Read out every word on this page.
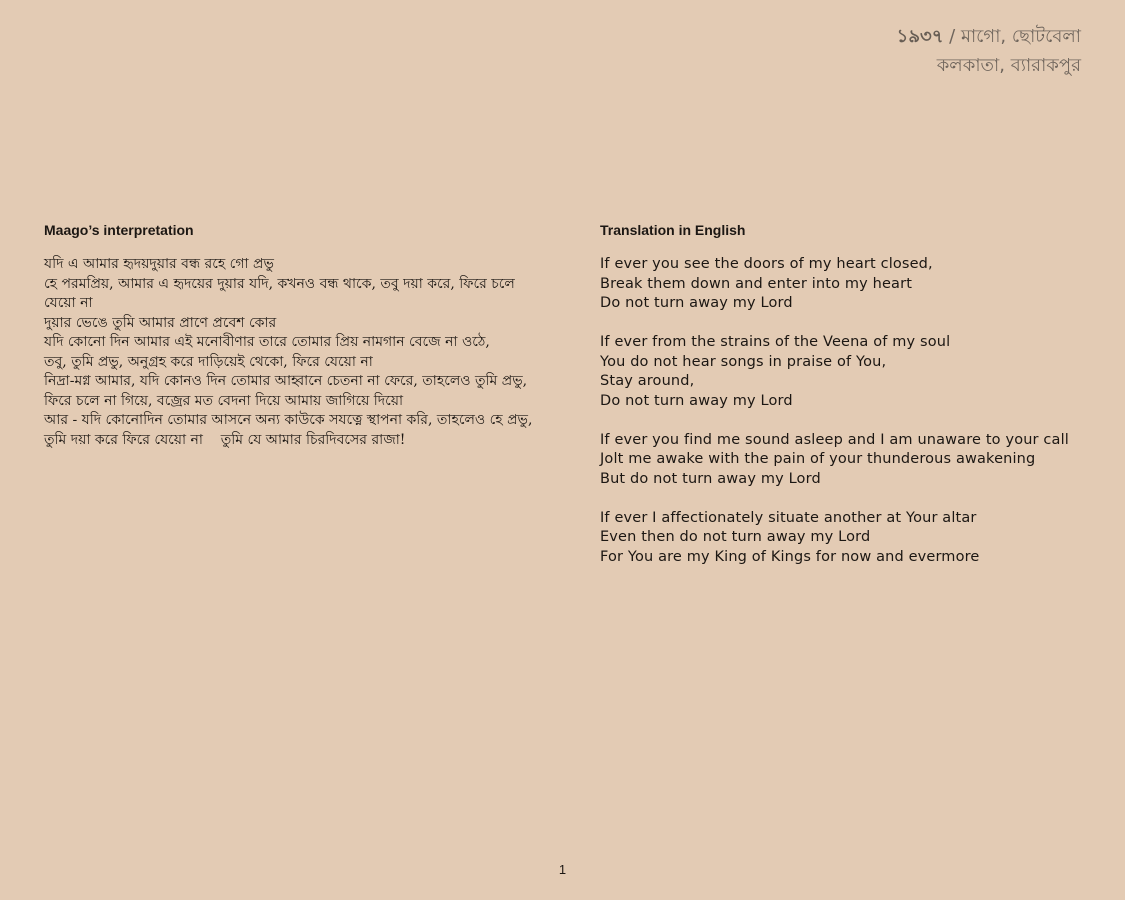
১৯৩৭ / মাগো, ছোটবেলা
কলকাতা, ব্যারাকপুর
Maago’s interpretation
যদি এ আমার হৃদয়দুয়ার বন্ধ রহে গো প্রভু
হে পরমপ্রিয়, আমার এ হৃদয়ের দুয়ার যদি, কখনও বন্ধ থাকে, তবু দয়া করে, ফিরে চলে যেয়ো না
দুয়ার ভেঙে তুমি আমার প্রাণে প্রবেশ কোর
যদি কোনো দিন আমার এই মনোবীণার তারে তোমার প্রিয় নামগান বেজে না ওঠে,
তবু, তুমি প্রভু, অনুগ্রহ করে দাড়িয়েই থেকো, ফিরে যেয়ো না
নিদ্রা-মগ্ন আমার, যদি কোনও দিন তোমার আহ্বানে চেতনা না ফেরে, তাহলেও তুমি প্রভু, ফিরে চলে না গিয়ে, বজ্রের মত বেদনা দিয়ে আমায় জাগিয়ে দিয়ো
আর - যদি কোনোদিন তোমার আসনে অন্য কাউকে সযত্নে স্থাপনা করি, তাহলেও হে প্রভু, তুমি দয়া করে ফিরে যেয়ো না    তুমি যে আমার চিরদিবসের রাজা!
Translation in English
If ever you see the doors of my heart closed,
Break them down and enter into my heart
Do not turn away my Lord
If ever from the strains of the Veena of my soul
You do not hear songs in praise of You,
Stay around,
Do not turn away my Lord
If ever you find me sound asleep and I am unaware to your call
Jolt me awake with the pain of your thunderous awakening
But do not turn away my Lord
If ever I affectionately situate another at Your altar
Even then do not turn away my Lord
For You are my King of Kings for now and evermore
1
